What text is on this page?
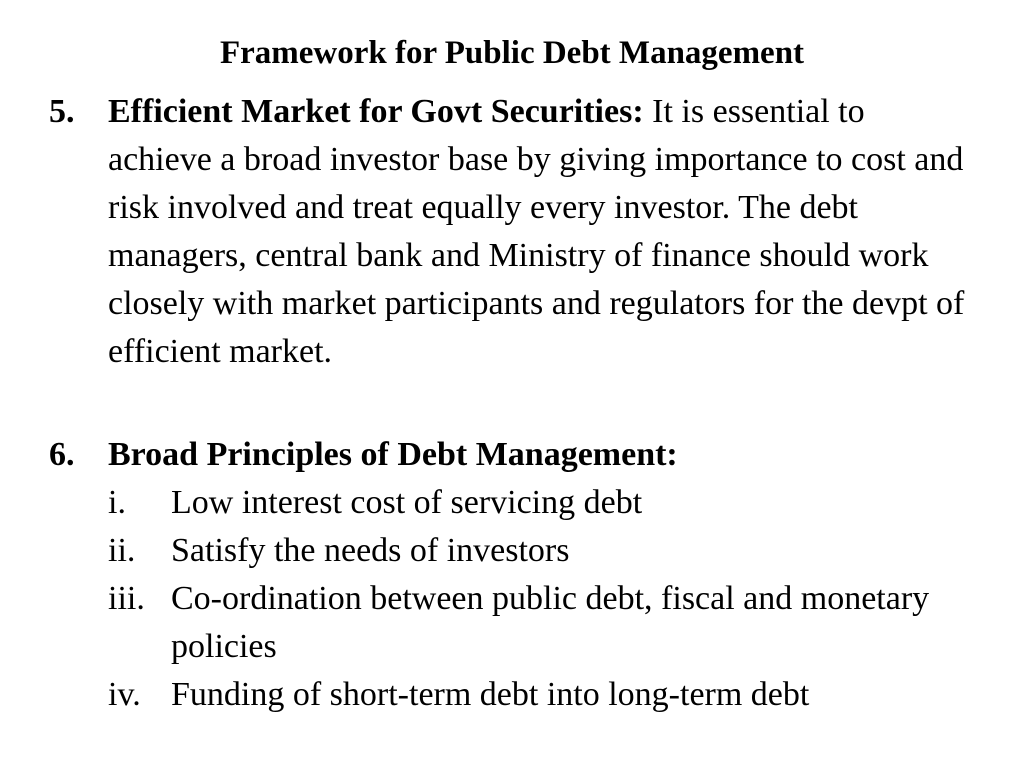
Framework for Public Debt Management
5. Efficient Market for Govt Securities: It is essential to achieve a broad investor base by giving importance to cost and risk involved and treat equally every investor. The debt managers, central bank and Ministry of finance should work closely with market participants and regulators for the devpt of efficient market.
6. Broad Principles of Debt Management:
i. Low interest cost of servicing debt
ii. Satisfy the needs of investors
iii. Co-ordination between public debt, fiscal and monetary policies
iv. Funding of short-term debt into long-term debt
